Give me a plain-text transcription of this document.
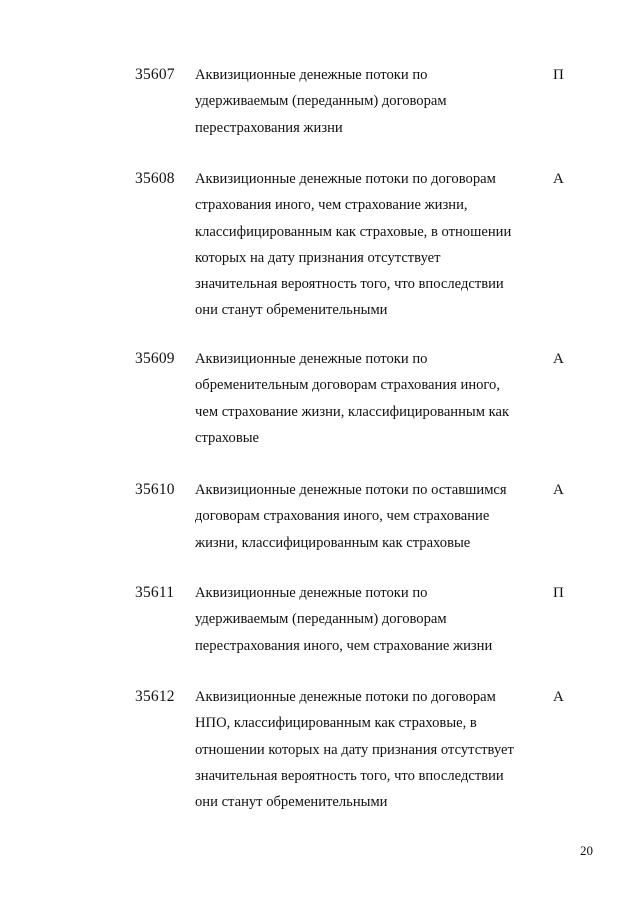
35607 Аквизиционные денежные потоки по
удерживаемым (переданным) договорам
перестрахования жизни
П
35608 Аквизиционные денежные потоки по договорам
страхования иного, чем страхование жизни,
классифицированным как страховые, в отношении
которых на дату признания отсутствует
значительная вероятность того, что впоследствии
они станут обременительными
А
35609 Аквизиционные денежные потоки по
обременительным договорам страхования иного,
чем страхование жизни, классифицированным как
страховые
А
35610 Аквизиционные денежные потоки по оставшимся
договорам страхования иного, чем страхование
жизни, классифицированным как страховые
А
35611 Аквизиционные денежные потоки по
удерживаемым (переданным) договорам
перестрахования иного, чем страхование жизни
П
35612 Аквизиционные денежные потоки по договорам
НПО, классифицированным как страховые, в
отношении которых на дату признания отсутствует
значительная вероятность того, что впоследствии
они станут обременительными
А
20
